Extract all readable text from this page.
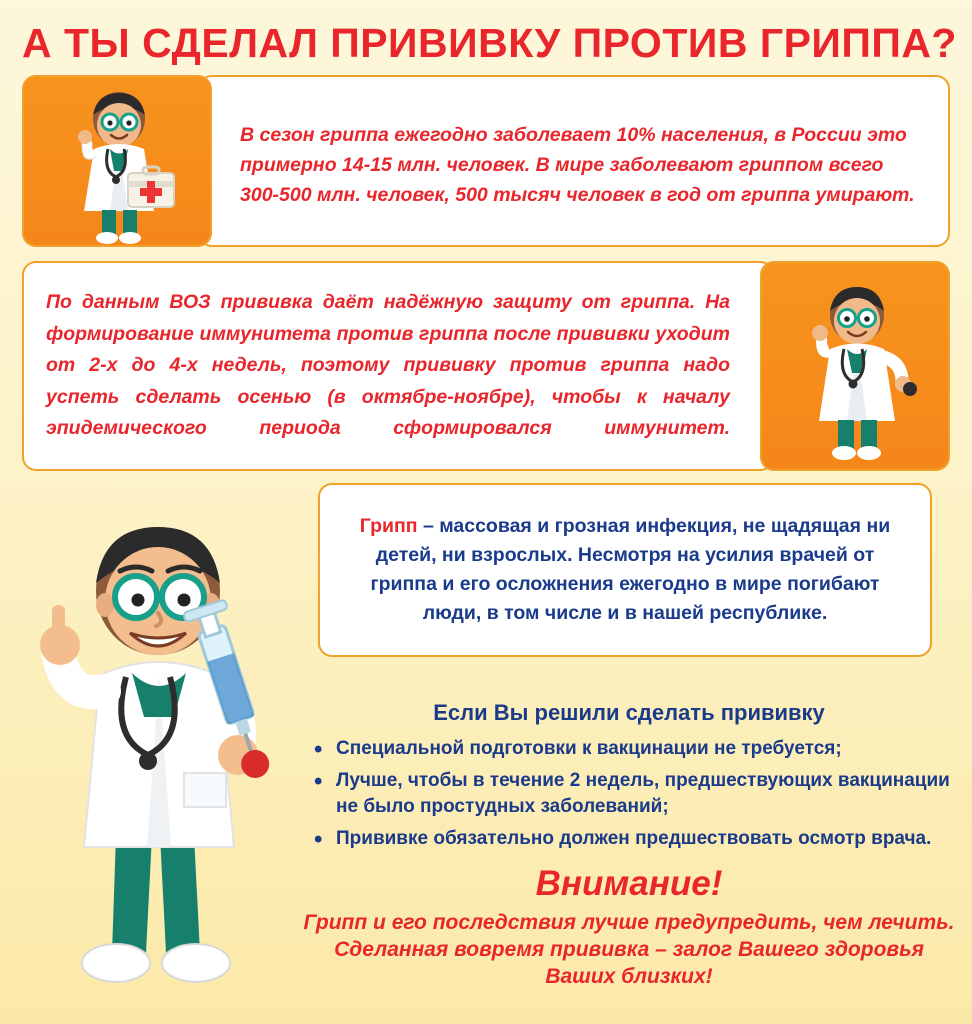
А ТЫ СДЕЛАЛ ПРИВИВКУ ПРОТИВ ГРИППА?
В сезон гриппа ежегодно заболевает 10% населения, в России это примерно 14-15 млн. человек. В мире заболевают гриппом всего 300-500 млн. человек, 500 тысяч человек в год от гриппа умирают.
По данным ВОЗ прививка даёт надёжную защиту от гриппа. На формирование иммунитета против гриппа после прививки уходит от 2-х до 4-х недель, поэтому прививку против гриппа надо успеть сделать осенью (в октябре-ноябре), чтобы к началу эпидемического периода сформировался иммунитет.
Грипп – массовая и грозная инфекция, не щадящая ни детей, ни взрослых. Несмотря на усилия врачей от гриппа и его осложнения ежегодно в мире погибают люди, в том числе и в нашей республике.
Если Вы решили сделать прививку
• Специальной подготовки к вакцинации не требуется;
• Лучше, чтобы в течение 2 недель, предшествующих вакцинации не было простудных заболеваний;
• Прививке обязательно должен предшествовать осмотр врача.
Внимание!
Грипп и его последствия лучше предупредить, чем лечить. Сделанная вовремя прививка – залог Вашего здоровья Ваших близких!
